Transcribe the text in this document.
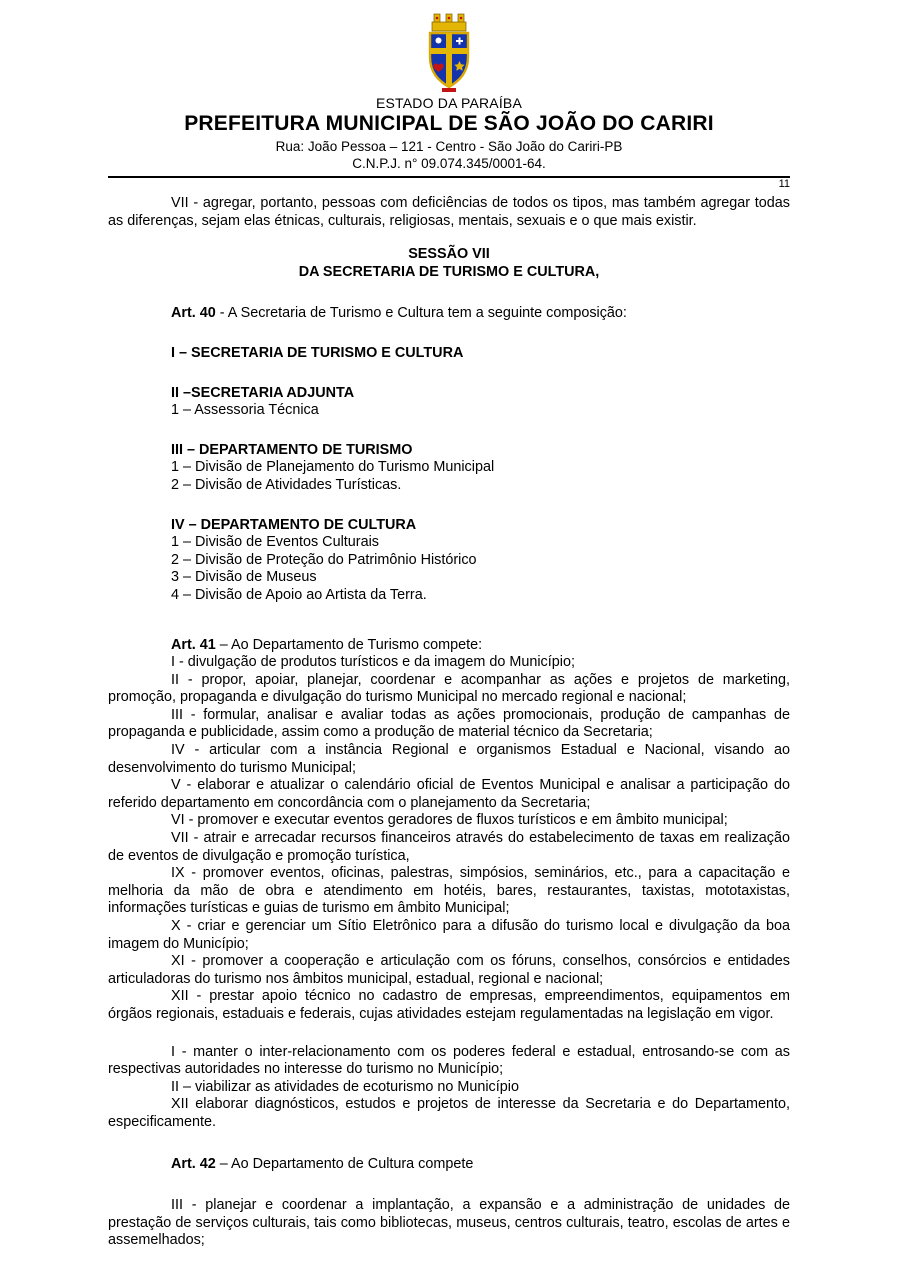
ESTADO DA PARAÍBA
PREFEITURA MUNICIPAL DE SÃO JOÃO DO CARIRI
Rua: João Pessoa – 121 - Centro - São João do Cariri-PB
C.N.P.J. n° 09.074.345/0001-64.
11

VII - agregar, portanto, pessoas com deficiências de todos os tipos, mas também agregar todas as diferenças, sejam elas étnicas, culturais, religiosas, mentais, sexuais e o que mais existir.

SESSÃO VII
DA SECRETARIA DE TURISMO E CULTURA,

Art. 40 - A Secretaria de Turismo e Cultura tem a seguinte composição:

I – SECRETARIA DE TURISMO E CULTURA

II –SECRETARIA ADJUNTA

1 – Assessoria Técnica

III – DEPARTAMENTO DE TURISMO

1 – Divisão de Planejamento do Turismo Municipal

2 – Divisão de Atividades Turísticas.

IV – DEPARTAMENTO DE CULTURA

1 – Divisão de Eventos Culturais

2 – Divisão de Proteção do Patrimônio Histórico

3 – Divisão de Museus

4 – Divisão de Apoio ao Artista da Terra.

Art. 41 – Ao Departamento de Turismo compete:

I - divulgação de produtos turísticos e da imagem do Município;

II - propor, apoiar, planejar, coordenar e acompanhar as ações e projetos de marketing, promoção, propaganda e divulgação do turismo Municipal no mercado regional e nacional;

III - formular, analisar e avaliar todas as ações promocionais, produção de campanhas de propaganda e publicidade, assim como a produção de material técnico da Secretaria;

IV - articular com a instância Regional e organismos Estadual e Nacional, visando ao desenvolvimento do turismo Municipal;

V - elaborar e atualizar o calendário oficial de Eventos Municipal e analisar a participação do referido departamento em concordância com o planejamento da Secretaria;

VI - promover e executar eventos geradores de fluxos turísticos e em âmbito municipal;

VII - atrair e arrecadar recursos financeiros através do estabelecimento de taxas em realização de eventos de divulgação e promoção turística,

IX - promover eventos, oficinas, palestras, simpósios, seminários, etc., para a capacitação e melhoria da mão de obra e atendimento em hotéis, bares, restaurantes, taxistas, mototaxistas, informações turísticas e guias de turismo em âmbito Municipal;

X - criar e gerenciar um Sítio Eletrônico para a difusão do turismo local e divulgação da boa imagem do Município;

XI - promover a cooperação e articulação com os fóruns, conselhos, consórcios e entidades articuladoras do turismo nos âmbitos municipal, estadual, regional e nacional;

XII - prestar apoio técnico no cadastro de empresas, empreendimentos, equipamentos em órgãos regionais, estaduais e federais, cujas atividades estejam regulamentadas na legislação em vigor.

I - manter o inter-relacionamento com os poderes federal e estadual, entrosando-se com as respectivas autoridades no interesse do turismo no Município;

II – viabilizar as atividades de ecoturismo no Município

XII elaborar diagnósticos, estudos e projetos de interesse da Secretaria e do Departamento, especificamente.

Art. 42 – Ao Departamento de Cultura compete

III - planejar e coordenar a implantação, a expansão e a administração de unidades de prestação de serviços culturais, tais como bibliotecas, museus, centros culturais, teatro, escolas de artes e assemelhados;
